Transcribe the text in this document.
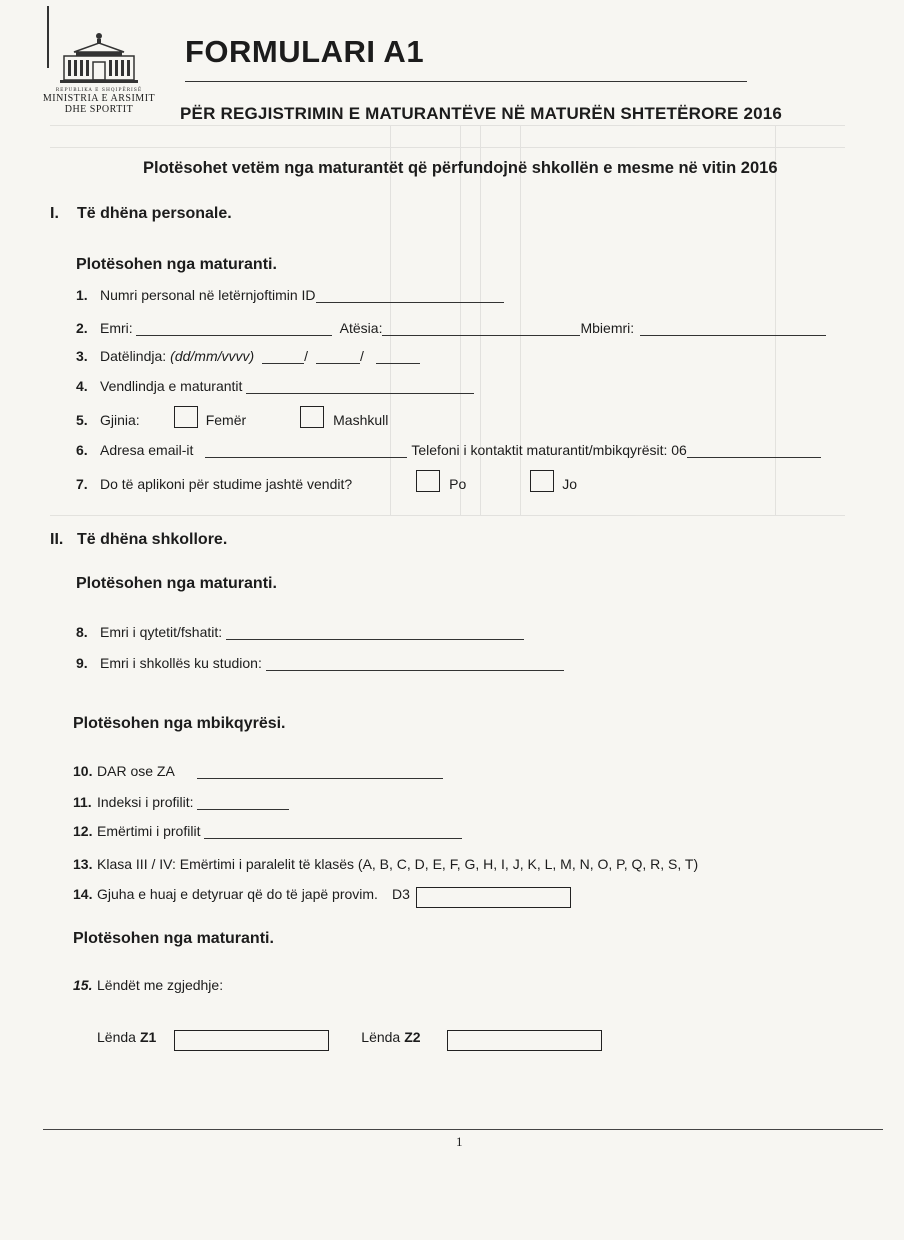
REPUBLIKA E SHQIPËRISË
MINISTRIA E ARSIMIT
DHE SPORTIT
FORMULARI A1
PËR REGJISTRIMIN E MATURANTËVE NË MATURËN SHTETËRORE 2016
Plotësohet vetëm nga maturantët që përfundojnë shkollën e mesme në vitin 2016
I. Të dhëna personale.
Plotësohen nga maturanti.
1. Numri personal në letërnjoftimin ID
2. Emri:	Atësia:	Mbiemri:
3. Datëlindja: (dd/mm/vvvv)	/	/
4. Vendlindja e maturantit
5. Gjinia:	Femër	Mashkull
6. Adresa email-it	Telefoni i kontaktit maturantit/mbikqyrësit: 06
7. Do të aplikoni për studime jashtë vendit?	Po	Jo
II. Të dhëna shkollore.
Plotësohen nga maturanti.
8. Emri i qytetit/fshatit:
9. Emri i shkollës ku studion:
Plotësohen nga mbikqyrësi.
10. DAR ose ZA
11. Indeksi i profilit:
12. Emërtimi i profilit
13. Klasa III / IV: Emërtimi i paralelit të klasës (A, B, C, D, E, F, G, H, I, J, K, L, M, N, O, P, Q, R, S, T)
14. Gjuha e huaj e detyruar që do të japë provim. D3
Plotësohen nga maturanti.
15. Lëndët me zgjedhje:
Lënda Z1	Lënda Z2
1
